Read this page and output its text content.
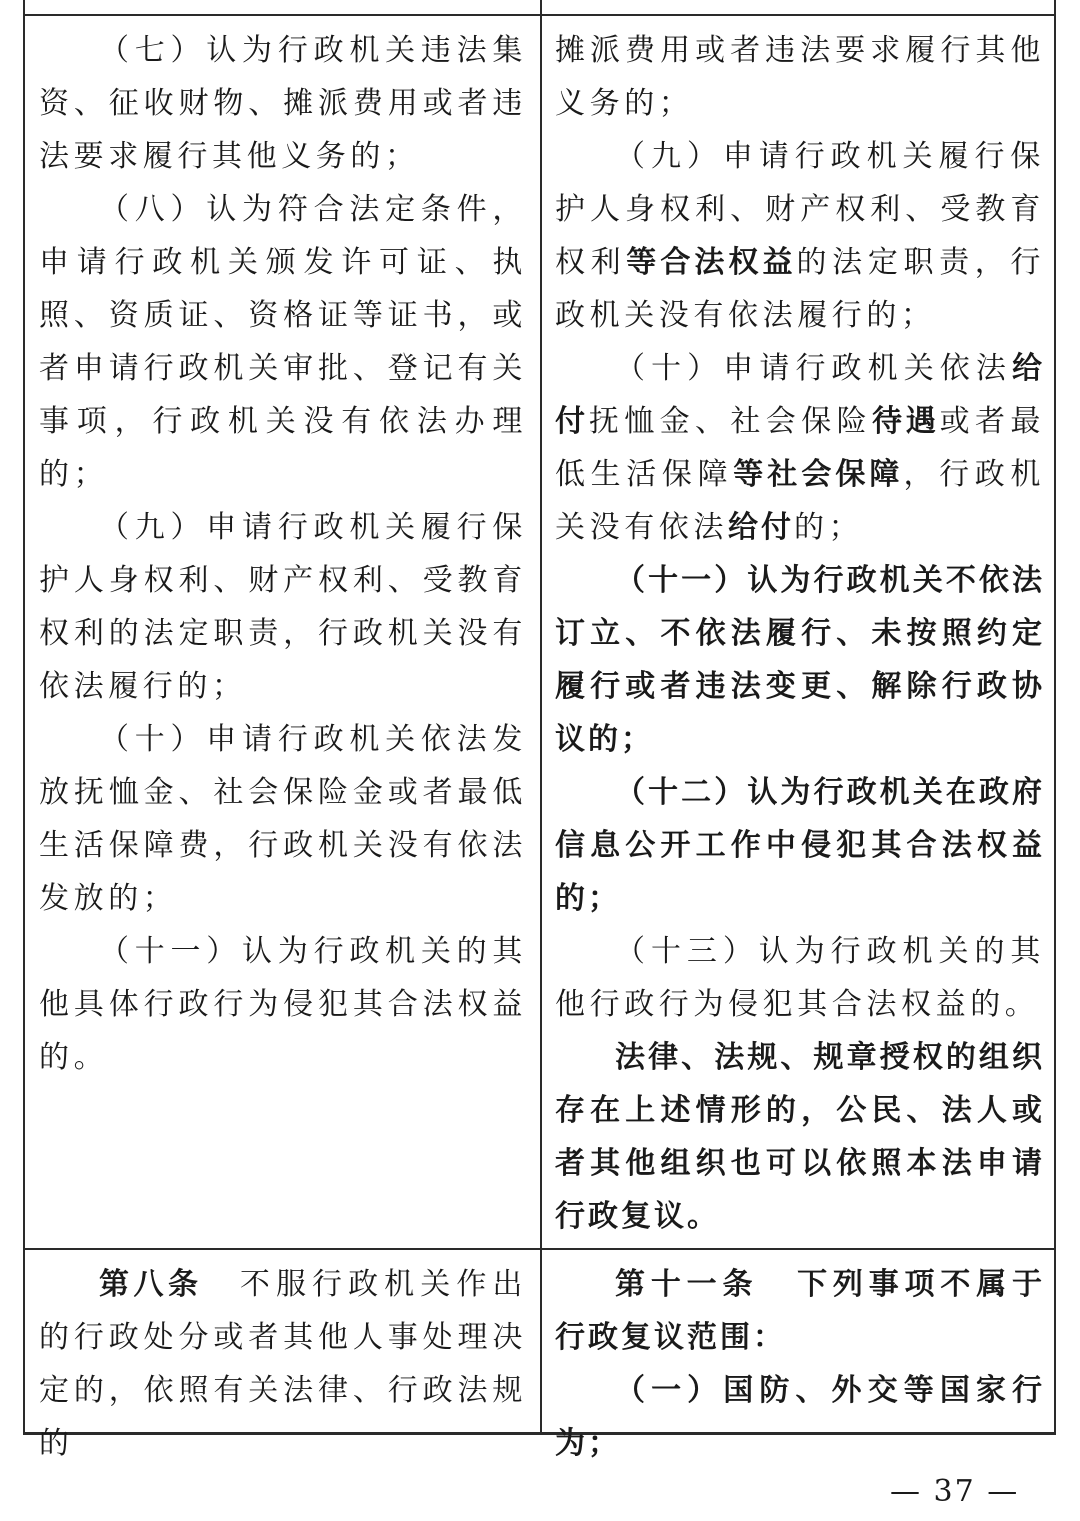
（七）认为行政机关违法集资、征收财物、摊派费用或者违法要求履行其他义务的；

（八）认为符合法定条件，申请行政机关颁发许可证、执照、资质证、资格证等证书，或者申请行政机关审批、登记有关事项，行政机关没有依法办理的；

（九）申请行政机关履行保护人身权利、财产权利、受教育权利的法定职责，行政机关没有依法履行的；

（十）申请行政机关依法发放抚恤金、社会保险金或者最低生活保障费，行政机关没有依法发放的；

（十一）认为行政机关的其他具体行政行为侵犯其合法权益的。

摊派费用或者违法要求履行其他义务的；

（九）申请行政机关履行保护人身权利、财产权利、受教育权利等合法权益的法定职责，行政机关没有依法履行的；

（十）申请行政机关依法给付抚恤金、社会保险待遇或者最低生活保障等社会保障，行政机关没有依法给付的；

（十一）认为行政机关不依法订立、不依法履行、未按照约定履行或者违法变更、解除行政协议的；

（十二）认为行政机关在政府信息公开工作中侵犯其合法权益的；

（十三）认为行政机关的其他行政行为侵犯其合法权益的。

法律、法规、规章授权的组织存在上述情形的，公民、法人或者其他组织也可以依照本法申请行政复议。

第八条 不服行政机关作出的行政处分或者其他人事处理决定的，依照有关法律、行政法规的

第十一条 下列事项不属于行政复议范围：

（一）国防、外交等国家行为；

— 37 —
